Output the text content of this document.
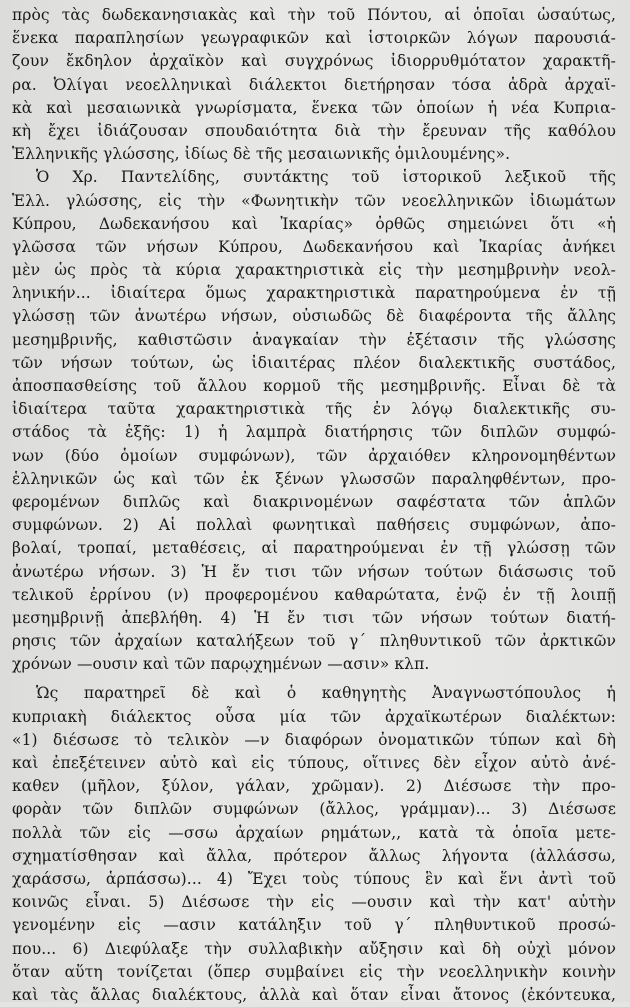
πρὸς τὰς δωδεκανησιακὰς καὶ τὴν τοῦ Πόντου, αἱ ὁποῖαι ὡσαύτως,
ἕνεκα παραπλησίων γεωγραφικῶν καὶ ἱστοιρκῶν λόγων παρουσιά-
ζουν ἔκδηλον ἀρχαϊκὸν καὶ συγχρόνως ἰδιορρυθμότατον χαρακτῆ-
ρα. Ὀλίγαι νεοελληνικαὶ διάλεκτοι διετήρησαν τόσα ἁδρὰ ἀρχαϊ-
κὰ καὶ μεσαιωνικὰ γνωρίσματα, ἕνεκα τῶν ὁποίων ἡ νέα Κυπρια-
κὴ ἔχει ἰδιάζουσαν σπουδαιότητα διὰ τὴν ἔρευναν τῆς καθόλου
Ἑλληνικῆς γλώσσης, ἰδίως δὲ τῆς μεσαιωνικῆς ὁμιλουμένης».
Ὁ Χρ. Παντελίδης, συντάκτης τοῦ ἱστορικοῦ λεξικοῦ τῆς
Ἑλλ. γλώσσης, εἰς τὴν «Φωνητικὴν τῶν νεοελληνικῶν ἰδιωμάτων
Κύπρου, Δωδεκανήσου καὶ Ἰκαρίας» ὀρθῶς σημειώνει ὅτι «ἡ
γλῶσσα τῶν νήσων Κύπρου, Δωδεκανήσου καὶ Ἰκαρίας ἀνήκει
μὲν ὡς πρὸς τὰ κύρια χαρακτηριστικὰ εἰς τὴν μεσημβρινὴν νεολ-
ληνικήν... ἰδιαίτερα ὅμως χαρακτηριστικὰ παρατηρούμενα ἐν τῇ
γλώσσῃ τῶν ἀνωτέρω νήσων, οὐσιωδῶς δὲ διαφέροντα τῆς ἄλλης
μεσημβρινῆς, καθιστῶσιν ἀναγκαίαν τὴν ἐξέτασιν τῆς γλώσσης
τῶν νήσων τούτων, ὡς ἰδιαιτέρας πλέον διαλεκτικῆς συστάδος,
ἀποσπασθείσης τοῦ ἄλλου κορμοῦ τῆς μεσημβρινῆς. Εἶναι δὲ τὰ
ἰδιαίτερα ταῦτα χαρακτηριστικὰ τῆς ἐν λόγῳ διαλεκτικῆς συ-
στάδος τὰ ἑξῆς: 1) ἡ λαμπρὰ διατήρησις τῶν διπλῶν συμφώ-
νων (δύο ὁμοίων συμφώνων), τῶν ἀρχαιόθεν κληρονομηθέντων
ἑλληνικῶν ὡς καὶ τῶν ἐκ ξένων γλωσσῶν παραληφθέντων, προ-
φερομένων διπλῶς καὶ διακρινομένων σαφέστατα τῶν ἁπλῶν
συμφώνων. 2) Αἱ πολλαὶ φωνητικαὶ παθήσεις συμφώνων, ἀπο-
βολαί, τροπαί, μεταθέσεις, αἱ παρατηρούμεναι ἐν τῇ γλώσσῃ τῶν
ἀνωτέρω νήσων. 3) Ἡ ἔν τισι τῶν νήσων τούτων διάσωσις τοῦ
τελικοῦ ἐρρίνου (ν) προφερομένου καθαρώτατα, ἐνῷ ἐν τῇ λοιπῇ
μεσημβρινῇ ἀπεβλήθη. 4) Ἡ ἔν τισι τῶν νήσων τούτων διατή-
ρησις τῶν ἀρχαίων καταλήξεων τοῦ γ΄ πληθυντικοῦ τῶν ἀρκτικῶν
χρόνων —ουσιν καὶ τῶν παρῳχημένων —ασιν» κλπ.
Ὡς παρατηρεῖ δὲ καὶ ὁ καθηγητὴς Ἀναγνωστόπουλος ἡ
κυπριακὴ διάλεκτος οὖσα μία τῶν ἀρχαϊκωτέρων διαλέκτων:
«1) διέσωσε τὸ τελικὸν —ν διαφόρων ὀνοματικῶν τύπων καὶ δὴ
καὶ ἐπεξέτεινεν αὐτὸ καὶ εἰς τύπους, οἵτινες δὲν εἶχον αὐτὸ ἀνέ-
καθεν (μῆλον, ξύλον, γάλαν, χρῶμαν). 2) Διέσωσε τὴν προ-
φορὰν τῶν διπλῶν συμφώνων (ἄλλος, γράμμαν)... 3) Διέσωσε
πολλὰ τῶν εἰς —σσω ἀρχαίων ρημάτων,, κατὰ τὰ ὁποῖα μετε-
σχηματίσθησαν καὶ ἄλλα, πρότερον ἄλλως λήγοντα (ἀλλάσσω,
χαράσσω, ἁρπάσσω)... 4) Ἔχει τοὺς τύπους ἓν καὶ ἕνι ἀντὶ τοῦ
κοινῶς εἶναι. 5) Διέσωσε τὴν εἰς —ουσιν καὶ τὴν κατ' αὐτὴν
γενομένην εἰς —ασιν κατάληξιν τοῦ γ΄ πληθυντικοῦ προσώ-
που... 6) Διεφύλαξε τὴν συλλαβικὴν αὔξησιν καὶ δὴ οὐχὶ μόνον
ὅταν αὕτη τονίζεται (ὅπερ συμβαίνει εἰς τὴν νεοελληνικὴν κοινὴν
καὶ τὰς ἄλλας διαλέκτους, ἀλλὰ καὶ ὅταν εἶναι ἄτονος (ἐκόντευκα,
